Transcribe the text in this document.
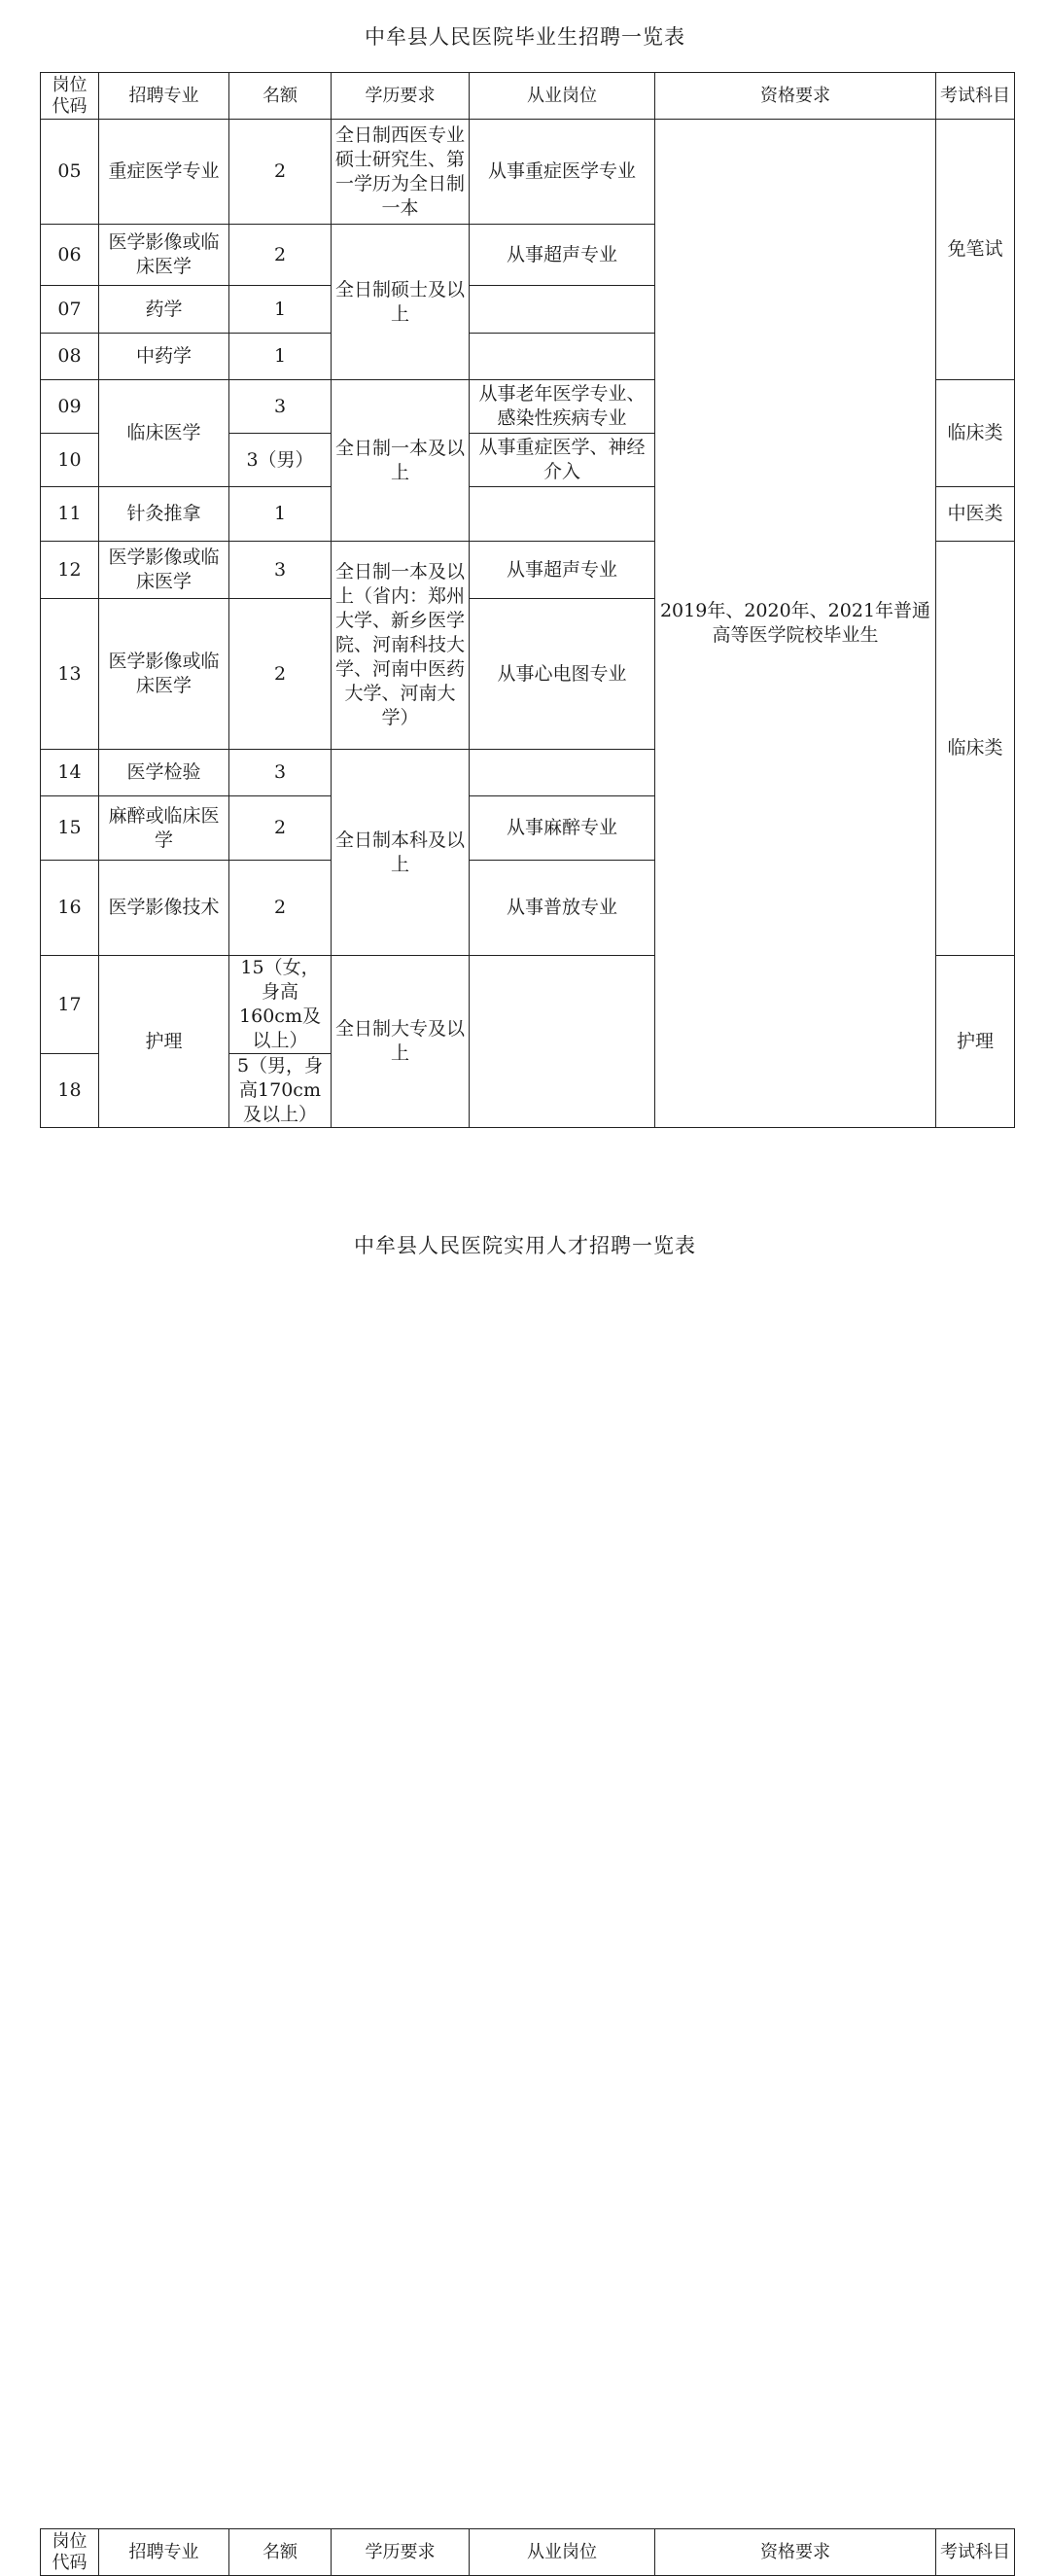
中牟县人民医院毕业生招聘一览表
岗位代码	招聘专业	名额	学历要求	从业岗位	资格要求	考试科目
05	重症医学专业	2	全日制西医专业硕士研究生、第一学历为全日制一本	从事重症医学专业	2019年、2020年、2021年普通高等医学院校毕业生	免笔试
06	医学影像或临床医学	2	全日制硕士及以上	从事超声专业		
07	药学	1				
08	中药学	1				
09	临床医学	3	全日制一本及以上	从事老年医学专业、感染性疾病专业		临床类
10		3（男）		从事重症医学、神经介入		
11	针灸推拿	1				中医类
12	医学影像或临床医学	3	全日制一本及以上（省内：郑州大学、新乡医学院、河南科技大学、河南中医药大学、河南大学）	从事超声专业		临床类
13	医学影像或临床医学	2		从事心电图专业		
14	医学检验	3	全日制本科及以上			
15	麻醉或临床医学	2		从事麻醉专业		
16	医学影像技术	2		从事普放专业		
17	护理	15（女，身高160cm及以上）	全日制大专及以上			护理
18		5（男，身高170cm及以上）				
中牟县人民医院实用人才招聘一览表
岗位代码	招聘专业	名额	学历要求	从业岗位	资格要求	考试科目
